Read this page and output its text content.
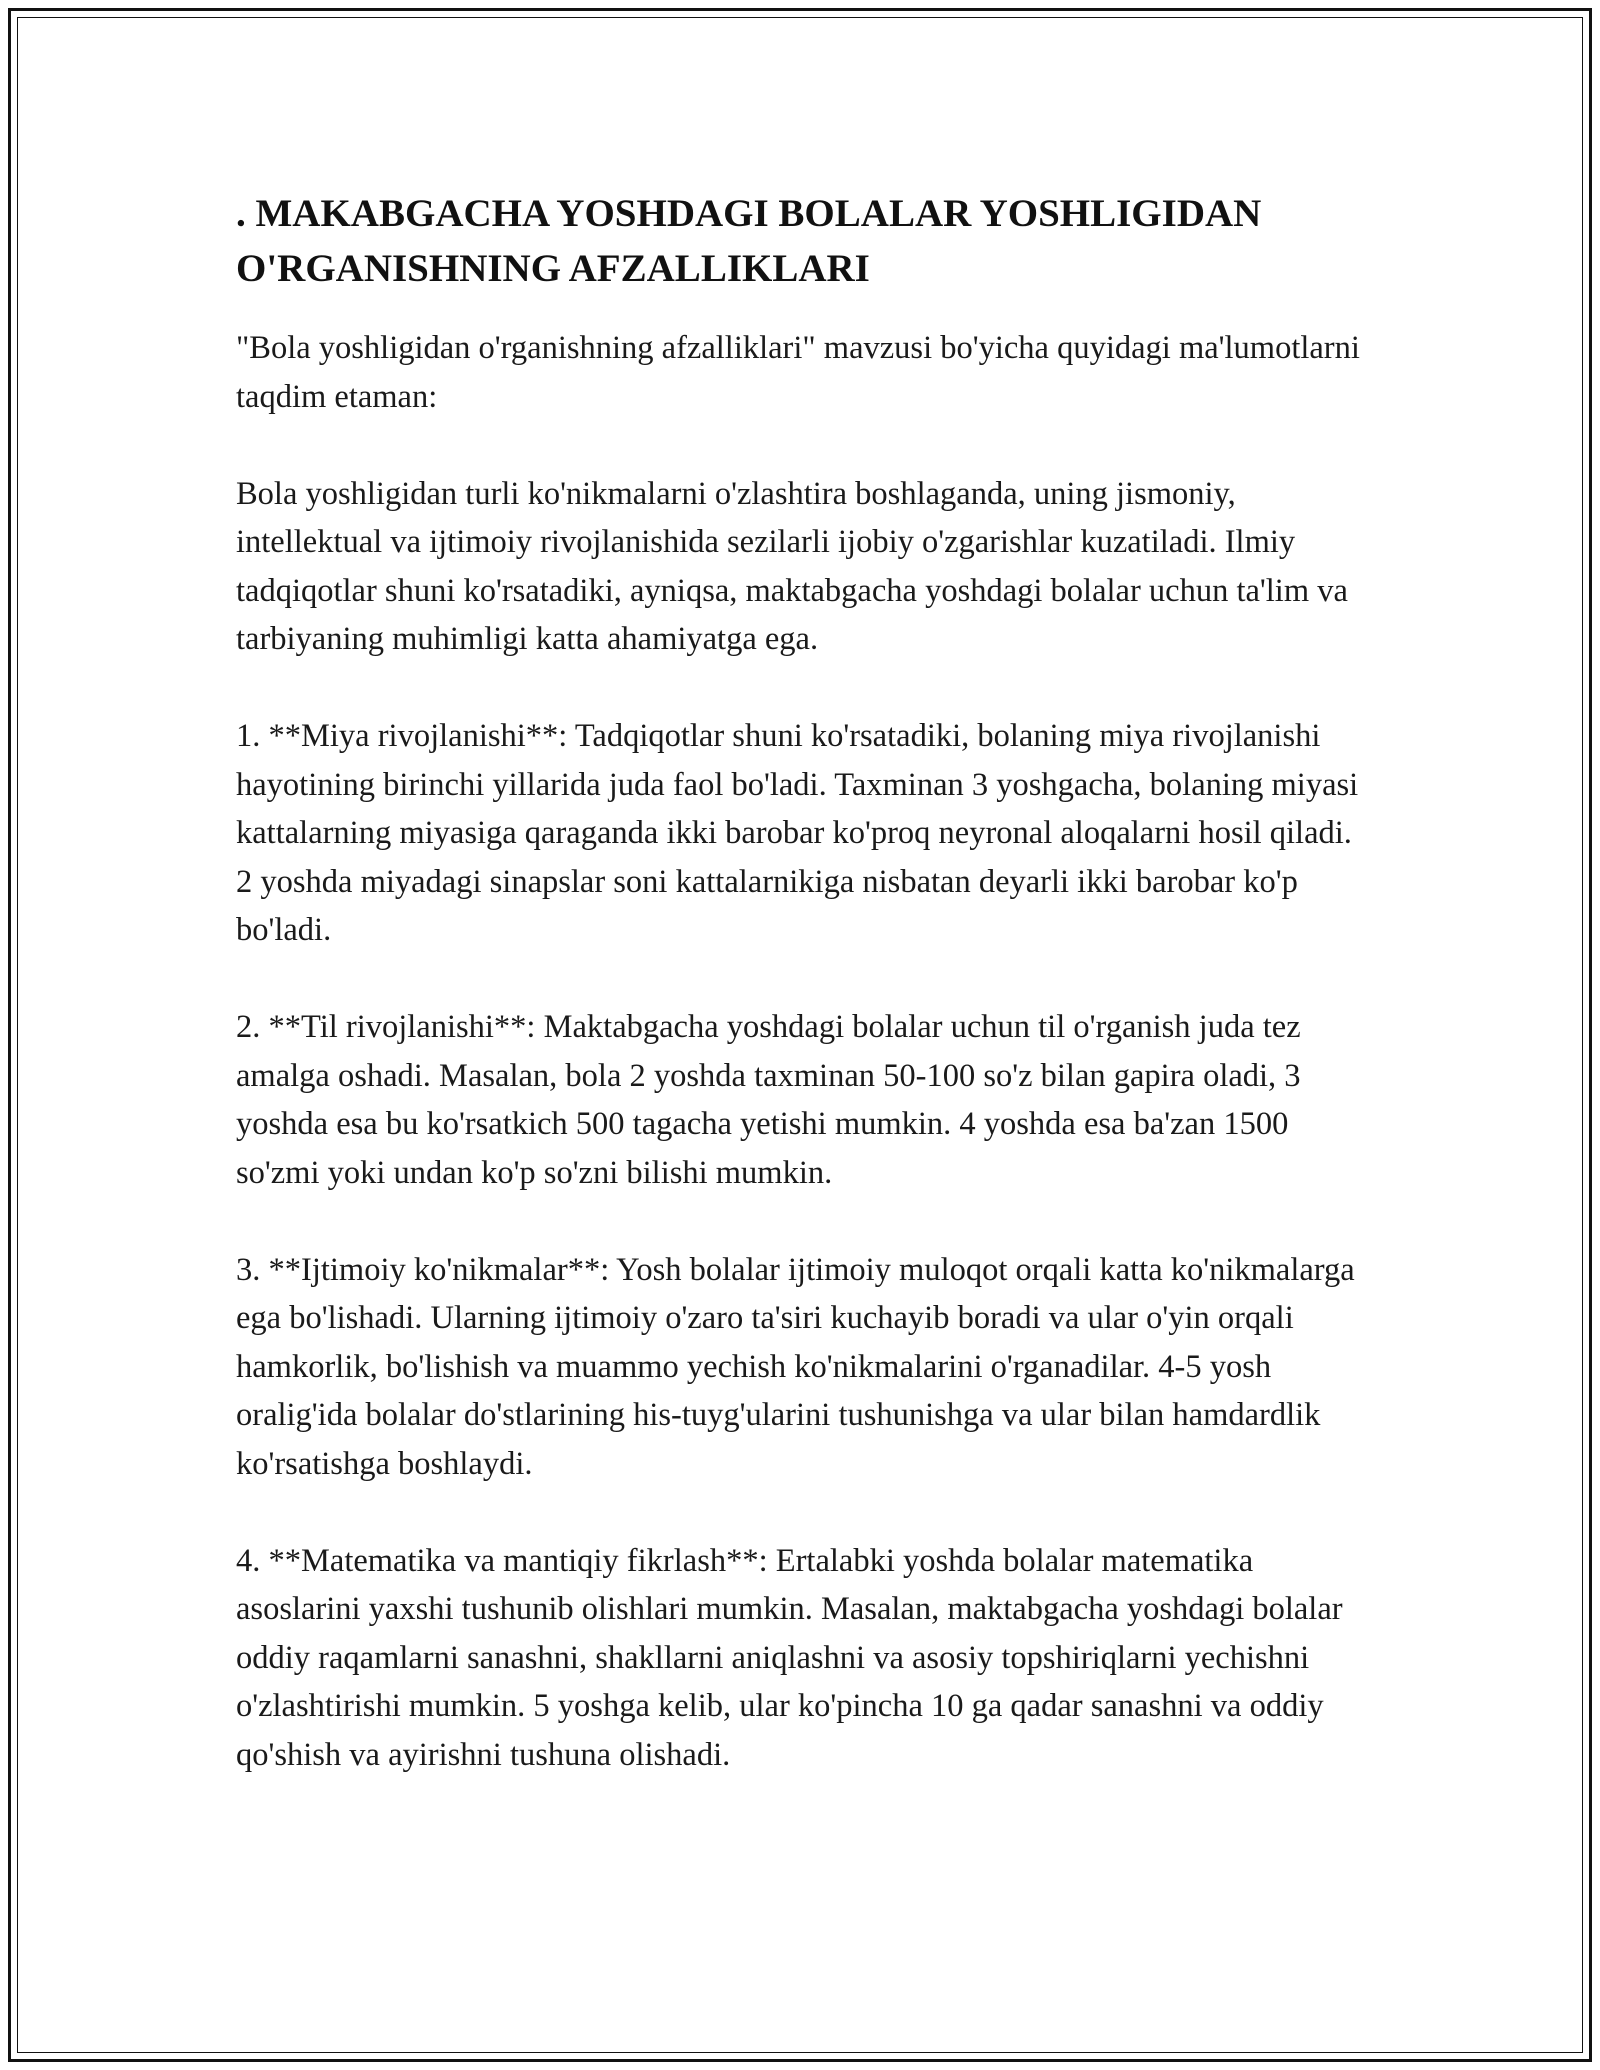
. MAKABGACHA YOSHDAGI BOLALAR YOSHLIGIDAN O'RGANISHNING AFZALLIKLARI

"Bola yoshligidan o'rganishning afzalliklari" mavzusi bo'yicha quyidagi ma'lumotlarni taqdim etaman:

Bola yoshligidan turli ko'nikmalarni o'zlashtira boshlaganda, uning jismoniy, intellektual va ijtimoiy rivojlanishida sezilarli ijobiy o'zgarishlar kuzatiladi. Ilmiy tadqiqotlar shuni ko'rsatadiki, ayniqsa, maktabgacha yoshdagi bolalar uchun ta'lim va tarbiyaning muhimligi katta ahamiyatga ega.

1. **Miya rivojlanishi**: Tadqiqotlar shuni ko'rsatadiki, bolaning miya rivojlanishi hayotining birinchi yillarida juda faol bo'ladi. Taxminan 3 yoshgacha, bolaning miyasi kattalarning miyasiga qaraganda ikki barobar ko'proq neyronal aloqalarni hosil qiladi. 2 yoshda miyadagi sinapslar soni kattalarnikiga nisbatan deyarli ikki barobar ko'p bo'ladi.

2. **Til rivojlanishi**: Maktabgacha yoshdagi bolalar uchun til o'rganish juda tez amalga oshadi. Masalan, bola 2 yoshda taxminan 50-100 so'z bilan gapira oladi, 3 yoshda esa bu ko'rsatkich 500 tagacha yetishi mumkin. 4 yoshda esa ba'zan 1500 so'zmi yoki undan ko'p so'zni bilishi mumkin.

3. **Ijtimoiy ko'nikmalar**: Yosh bolalar ijtimoiy muloqot orqali katta ko'nikmalarga ega bo'lishadi. Ularning ijtimoiy o'zaro ta'siri kuchayib boradi va ular o'yin orqali hamkorlik, bo'lishish va muammo yechish ko'nikmalarini o'rganadilar. 4-5 yosh oralig'ida bolalar do'stlarining his-tuyg'ularini tushunishga va ular bilan hamdardlik ko'rsatishga boshlaydi.

4. **Matematika va mantiqiy fikrlash**: Ertalabki yoshda bolalar matematika asoslarini yaxshi tushunib olishlari mumkin. Masalan, maktabgacha yoshdagi bolalar oddiy raqamlarni sanashni, shakllarni aniqlashni va asosiy topshiriqlarni yechishni o'zlashtirishi mumkin. 5 yoshga kelib, ular ko'pincha 10 ga qadar sanashni va oddiy qo'shish va ayirishni tushuna olishadi.
